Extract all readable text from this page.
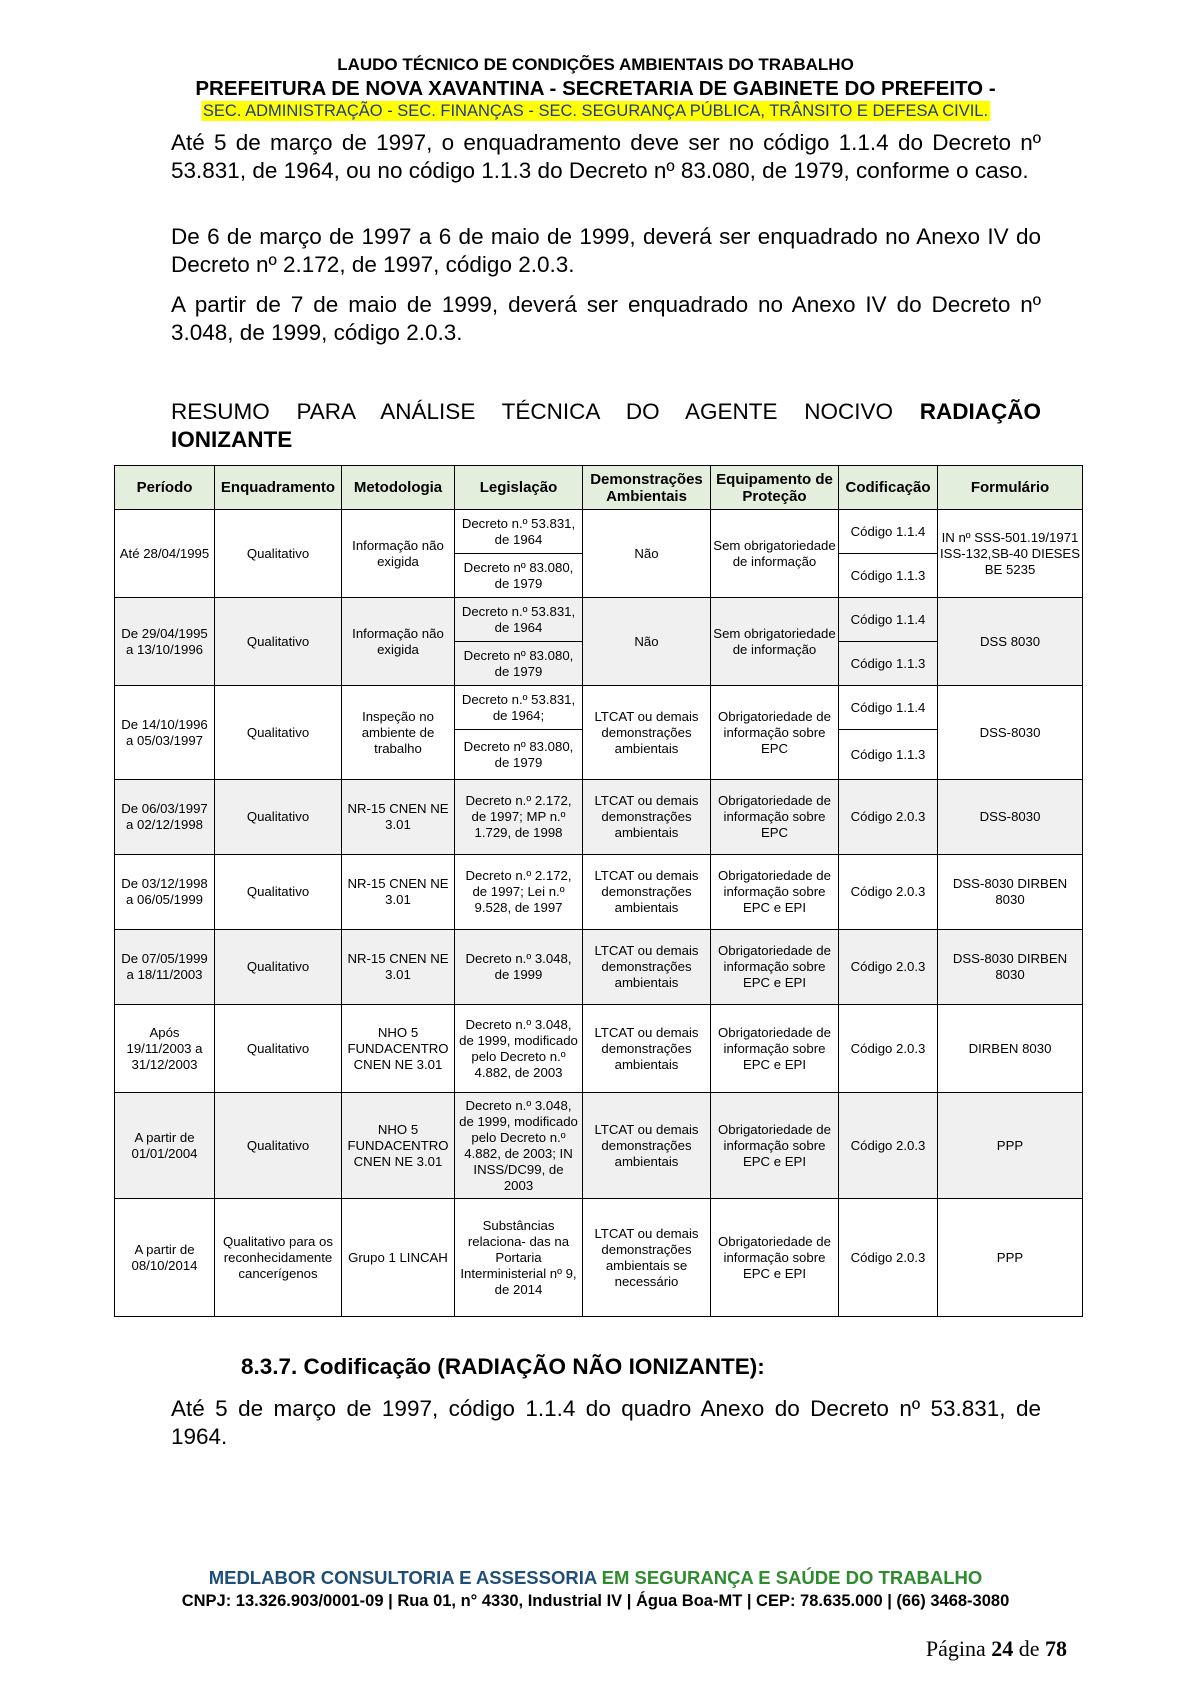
LAUDO TÉCNICO DE CONDIÇÕES AMBIENTAIS DO TRABALHO
PREFEITURA DE NOVA XAVANTINA - SECRETARIA DE GABINETE DO PREFEITO -
SEC. ADMINISTRAÇÃO - SEC. FINANÇAS - SEC. SEGURANÇA PÚBLICA, TRÂNSITO E DEFESA CIVIL.

Até 5 de março de 1997, o enquadramento deve ser no código 1.1.4 do Decreto nº 53.831, de 1964, ou no código 1.1.3 do Decreto nº 83.080, de 1979, conforme o caso.

De 6 de março de 1997 a 6 de maio de 1999, deverá ser enquadrado no Anexo IV do Decreto nº 2.172, de 1997, código 2.0.3.

A partir de 7 de maio de 1999, deverá ser enquadrado no Anexo IV do Decreto nº 3.048, de 1999, código 2.0.3.

RESUMO PARA ANÁLISE TÉCNICA DO AGENTE NOCIVO RADIAÇÃO

IONIZANTE

Período	Enquadramento	Metodologia	Legislação	Demonstrações Ambientais	Equipamento de Proteção	Codificação	Formulário
Até 28/04/1995	Qualitativo	Informação não exigida	Decreto n.º 53.831, de 1964	Não	Sem obrigatoriedade de informação	Código 1.1.4	IN nº SSS-501.19/1971 ISS-132,SB-40 DIESES BE 5235
			Decreto nº 83.080, de 1979			Código 1.1.3	
De 29/04/1995 a 13/10/1996	Qualitativo	Informação não exigida	Decreto n.º 53.831, de 1964	Não	Sem obrigatoriedade de informação	Código 1.1.4	DSS 8030
			Decreto nº 83.080, de 1979			Código 1.1.3	
De 14/10/1996 a 05/03/1997	Qualitativo	Inspeção no ambiente de trabalho	Decreto n.º 53.831, de 1964;	LTCAT ou demais demonstrações ambientais	Obrigatoriedade de informação sobre EPC	Código 1.1.4	DSS-8030
			Decreto nº 83.080, de 1979			Código 1.1.3	
De 06/03/1997 a 02/12/1998	Qualitativo	NR-15 CNEN NE 3.01	Decreto n.º 2.172, de 1997; MP n.º 1.729, de 1998	LTCAT ou demais demonstrações ambientais	Obrigatoriedade de informação sobre EPC	Código 2.0.3	DSS-8030
De 03/12/1998 a 06/05/1999	Qualitativo	NR-15 CNEN NE 3.01	Decreto n.º 2.172, de 1997; Lei n.º 9.528, de 1997	LTCAT ou demais demonstrações ambientais	Obrigatoriedade de informação sobre EPC e EPI	Código 2.0.3	DSS-8030 DIRBEN 8030
De 07/05/1999 a 18/11/2003	Qualitativo	NR-15 CNEN NE 3.01	Decreto n.º 3.048, de 1999	LTCAT ou demais demonstrações ambientais	Obrigatoriedade de informação sobre EPC e EPI	Código 2.0.3	DSS-8030 DIRBEN 8030
Após 19/11/2003 a 31/12/2003	Qualitativo	NHO 5 FUNDACENTRO CNEN NE 3.01	Decreto n.º 3.048, de 1999, modificado pelo Decreto n.º 4.882, de 2003	LTCAT ou demais demonstrações ambientais	Obrigatoriedade de informação sobre EPC e EPI	Código 2.0.3	DIRBEN 8030
A partir de 01/01/2004	Qualitativo	NHO 5 FUNDACENTRO CNEN NE 3.01	Decreto n.º 3.048, de 1999, modificado pelo Decreto n.º 4.882, de 2003; IN INSS/DC99, de 2003	LTCAT ou demais demonstrações ambientais	Obrigatoriedade de informação sobre EPC e EPI	Código 2.0.3	PPP
A partir de 08/10/2014	Qualitativo para os reconhecidamente cancerígenos	Grupo 1 LINCAH	Substâncias relaciona- das na Portaria Interministerial nº 9, de 2014	LTCAT ou demais demonstrações ambientais se necessário	Obrigatoriedade de informação sobre EPC e EPI	Código 2.0.3	PPP

8.3.7. Codificação (RADIAÇÃO NÃO IONIZANTE):

Até 5 de março de 1997, código 1.1.4 do quadro Anexo do Decreto nº 53.831, de 1964.

MEDLABOR CONSULTORIA E ASSESSORIA EM SEGURANÇA E SAÚDE DO TRABALHO
CNPJ: 13.326.903/0001-09 | Rua 01, n° 4330, Industrial IV | Água Boa-MT | CEP: 78.635.000 | (66) 3468-3080
Página 24 de 78
